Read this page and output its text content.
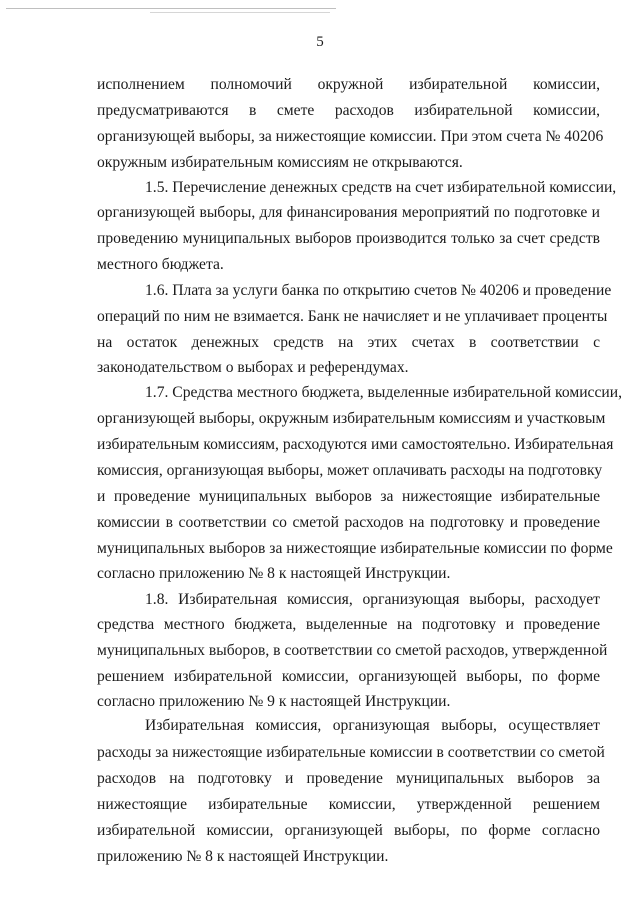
5
исполнением полномочий окружной избирательной комиссии,
предусматриваются в смете расходов избирательной комиссии,
организующей выборы, за нижестоящие комиссии. При этом счета № 40206
окружным избирательным комиссиям не открываются.
1.5. Перечисление денежных средств на счет избирательной комиссии,
организующей выборы, для финансирования мероприятий по подготовке и
проведению муниципальных выборов производится только за счет средств
местного бюджета.
1.6. Плата за услуги банка по открытию счетов № 40206 и проведение
операций по ним не взимается. Банк не начисляет и не уплачивает проценты
на остаток денежных средств на этих счетах в соответствии с
законодательством о выборах и референдумах.
1.7. Средства местного бюджета, выделенные избирательной комиссии,
организующей выборы, окружным избирательным комиссиям и участковым
избирательным комиссиям, расходуются ими самостоятельно. Избирательная
комиссия, организующая выборы, может оплачивать расходы на подготовку
и проведение муниципальных выборов за нижестоящие избирательные
комиссии в соответствии со сметой расходов на подготовку и проведение
муниципальных выборов за нижестоящие избирательные комиссии по форме
согласно приложению № 8 к настоящей Инструкции.
1.8. Избирательная комиссия, организующая выборы, расходует
средства местного бюджета, выделенные на подготовку и проведение
муниципальных выборов, в соответствии со сметой расходов, утвержденной
решением избирательной комиссии, организующей выборы, по форме
согласно приложению № 9 к настоящей Инструкции.
Избирательная комиссия, организующая выборы, осуществляет
расходы за нижестоящие избирательные комиссии в соответствии со сметой
расходов на подготовку и проведение муниципальных выборов за
нижестоящие избирательные комиссии, утвержденной решением
избирательной комиссии, организующей выборы, по форме согласно
приложению № 8 к настоящей Инструкции.
